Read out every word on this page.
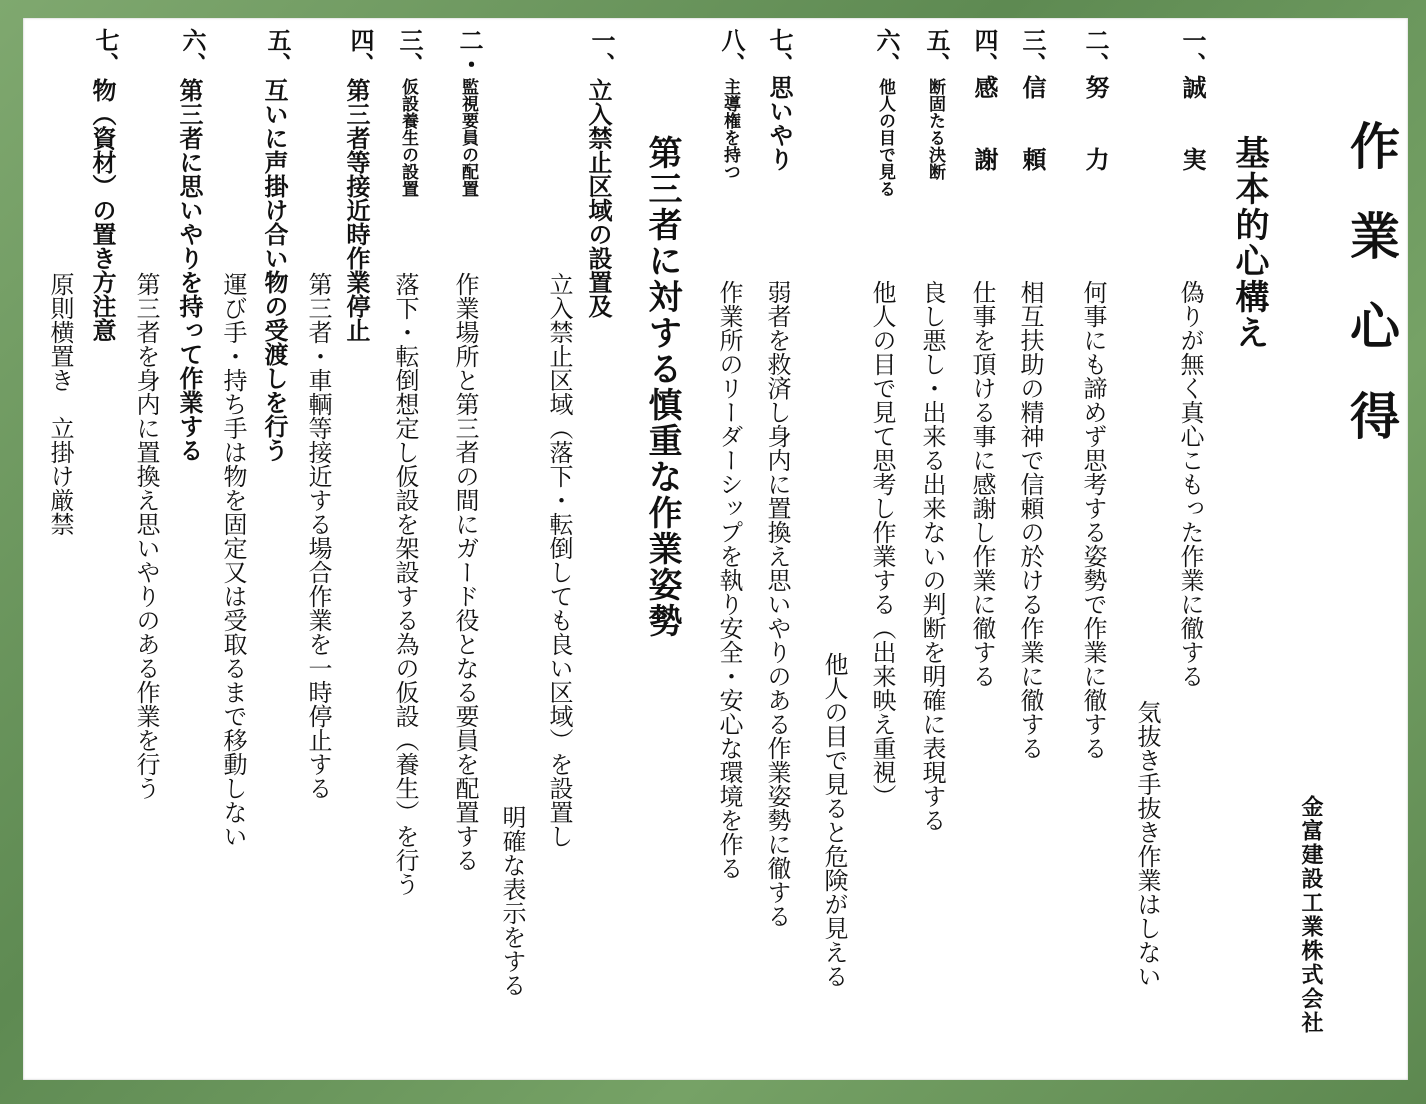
作業心得
金富建設工業株式会社
基本的心構え
一、
誠　　実
偽りが無く真心こもった作業に徹する
気抜き手抜き作業はしない
二、
努　　力
何事にも諦めず思考する姿勢で作業に徹する
三、
信　　頼
相互扶助の精神で信頼の於ける作業に徹する
四、
感　　謝
仕事を頂ける事に感謝し作業に徹する
五、
断固たる決断
良し悪し・出来る出来ないの判断を明確に表現する
六、
他人の目で見る
他人の目で見て思考し作業する（出来映え重視）
他人の目で見ると危険が見える
七、
思いやり
弱者を救済し身内に置換え思いやりのある作業姿勢に徹する
八、
主導権を持つ
作業所のリーダーシップを執り安全・安心な環境を作る
第三者に対する慎重な作業姿勢
一、
立入禁止区域の設置及
立入禁止区域（落下・転倒しても良い区域）を設置し
明確な表示をする
二・
監視要員の配置
作業場所と第三者の間にガード役となる要員を配置する
三、
仮設養生の設置
落下・転倒想定し仮設を架設する為の仮設（養生）を行う
四、
第三者等接近時作業停止
第三者・車輌等接近する場合作業を一時停止する
五、
互いに声掛け合い物の受渡しを行う
運び手・持ち手は物を固定又は受取るまで移動しない
六、
第三者に思いやりを持って作業する
第三者を身内に置換え思いやりのある作業を行う
七、
物（資材）の置き方注意
原則横置き　立掛け厳禁
